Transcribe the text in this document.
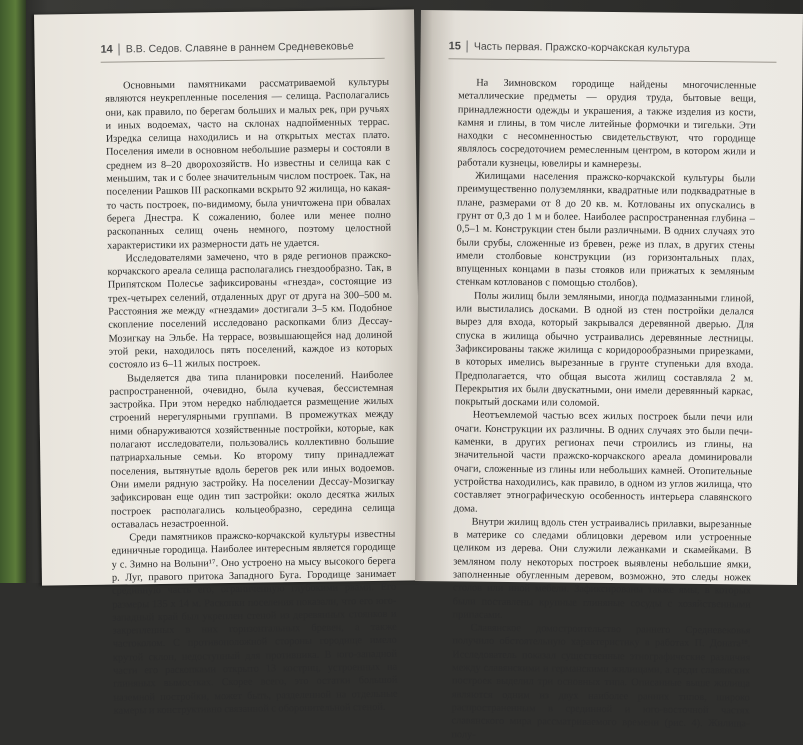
14 В.В. Седов. Славяне в раннем Средневековье

Основными памятниками рассматриваемой культуры являются неукрепленные поселения — селища. Располагались они, как правило, по берегам больших и малых рек, при ручьях и иных водоемах, часто на склонах надпойменных террас. Изредка селища находились и на открытых местах плато. Поселения имели в основном небольшие размеры и состояли в среднем из 8–20 дворохозяйств. Но известны и селища как с меньшим, так и с более значительным числом построек. Так, на поселении Рашков III раскопками вскрыто 92 жилища, но какая-то часть построек, по-видимому, была уничтожена при обвалах берега Днестра. К сожалению, более или менее полно раскопанных селищ очень немного, поэтому целостной характеристики их размерности дать не удается.

Исследователями замечено, что в ряде регионов пражско-корчакского ареала селища располагались гнездообразно. Так, в Припятском Полесье зафиксированы «гнезда», состоящие из трех-четырех селений, отдаленных друг от друга на 300–500 м. Расстояния же между «гнездами» достигали 3–5 км. Подобное скопление поселений исследовано раскопками близ Дессау-Мозигкау на Эльбе. На террасе, возвышающейся над долиной этой реки, находилось пять поселений, каждое из которых состояло из 6–11 жилых построек.

Выделяется два типа планировки поселений. Наиболее распространенной, очевидно, была кучевая, бессистемная застройка. При этом нередко наблюдается размещение жилых строений нерегулярными группами. В промежутках между ними обнаруживаются хозяйственные постройки, которые, как полагают исследователи, пользовались коллективно большие патриархальные семьи. Ко второму типу принадлежат поселения, вытянутые вдоль берегов рек или иных водоемов. Они имели рядную застройку. На поселении Дессау-Мозигкау зафиксирован еще один тип застройки: около десятка жилых построек располагались кольцеобразно, середина селища оставалась незастроенной.

Среди памятников пражско-корчакской культуры известны единичные городища. Наиболее интересным является городище у с. Зимно на Волыни¹⁷. Оно устроено на мысу высокого берега р. Луг, правого притока Западного Буга. Городище занимает срединную часть его, ограниченную глубокими рвами. Его размеры 135 х 14 м. Раскопки поселения показали, что его юго-западный край был укреплен стеной из деревянных стоянков и закрепленных в них горизонтальных бревен, а также частоколом. С противоположной стороны городище имело крутой склон, недоступный для противника. В юго-западной части его раскопками открыто 13 костриц, устроенных на глиняных вымостках. Скорее всего, это остатки большой наземной постройки, может быть, разделенной на отдельные камеры и конструктивно связанной с оборонительной стеной.

15 Часть первая. Пражско-корчакская культура

На Зимновском городище найдены многочисленные металлические предметы — орудия труда, бытовые вещи, принадлежности одежды и украшения, а также изделия из кости, камня и глины, в том числе литейные формочки и тигельки. Эти находки с несомненностью свидетельствуют, что городище являлось сосредоточием ремесленным центром, в котором жили и работали кузнецы, ювелиры и камнерезы.

Жилищами населения пражско-корчакской культуры были преимущественно полуземлянки, квадратные или подквадратные в плане, размерами от 8 до 20 кв. м. Котлованы их опускались в грунт от 0,3 до 1 м и более. Наиболее распространенная глубина –0,5–1 м. Конструкции стен были различными. В одних случаях это были срубы, сложенные из бревен, реже из плах, в других стены имели столбовые конструкции (из горизонтальных плах, впущенных концами в пазы стояков или прижатых к земляным стенкам котлованов с помощью столбов).

Полы жилищ были земляными, иногда подмазанными глиной, или выстилались досками. В одной из стен постройки делался вырез для входа, который закрывался деревянной дверью. Для спуска в жилища обычно устраивались деревянные лестницы. Зафиксированы также жилища с коридорообразными прирезками, в которых имелись вырезанные в грунте ступеньки для входа. Предполагается, что общая высота жилищ составляла 2 м. Перекрытия их были двускатными, они имели деревянный каркас, покрытый досками или соломой.

Неотъемлемой частью всех жилых построек были печи или очаги. Конструкции их различны. В одних случаях это были печи-каменки, в других регионах печи строились из глины, на значительной части пражско-корчакского ареала доминировали очаги, сложенные из глины или небольших камней. Отопительные устройства находились, как правило, в одном из углов жилища, что составляет этнографическую особенность интерьера славянского дома.

Внутри жилищ вдоль стен устраивались прилавки, вырезанные в материке со следами облицовки деревом или устроенные целиком из дерева. Они служили лежанками и скамейками. В земляном полу некоторых построек выявлены небольшие ямки, заполненные обугленным деревом, возможно, это следы ножек столов или иной мебели. Зафиксированы также ямы, в которых были поставлены крупные глиняные сосуды с хозяйственными припасами.

Славянское домостроительство раннего Средневековья получило обстоятельную характеристику в работах П. Доната¹⁸. Исследователь показал существенные этнографические различия между славянскими и германскими жилищами, а среди славянских построек выделил три основных типа. Описанные выше жилища являются одним из двух наиболее ранних типов, широко распространенным в срединной и юго-восточной частях славянского мира рассматриваемого времени (рис. 4). Жилища-полу-
